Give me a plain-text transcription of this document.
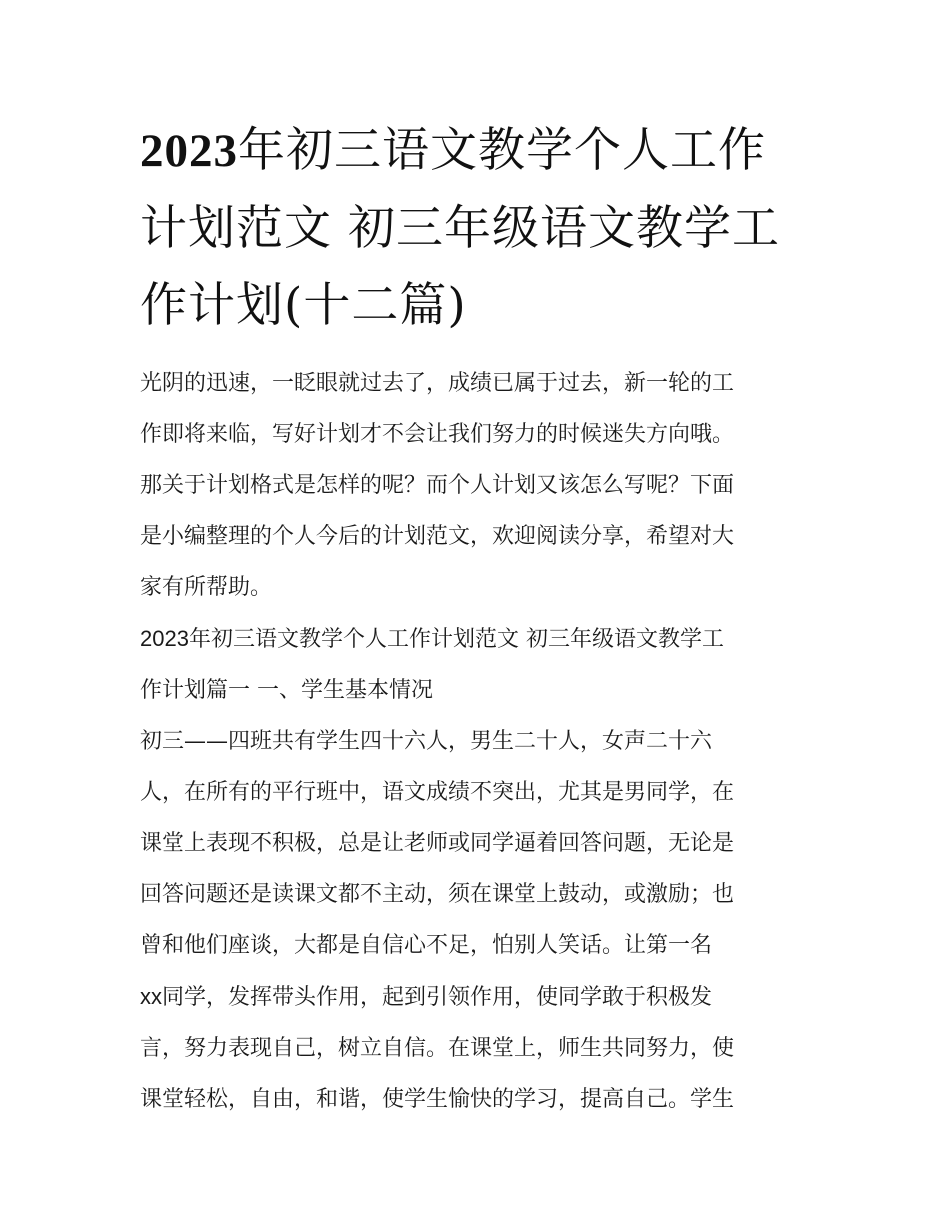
2023年初三语文教学个人工作
计划范文 初三年级语文教学工
作计划(十二篇)

光阴的迅速，一眨眼就过去了，成绩已属于过去，新一轮的工
作即将来临，写好计划才不会让我们努力的时候迷失方向哦。
那关于计划格式是怎样的呢？而个人计划又该怎么写呢？下面
是小编整理的个人今后的计划范文，欢迎阅读分享，希望对大
家有所帮助。

2023年初三语文教学个人工作计划范文 初三年级语文教学工
作计划篇一 一、学生基本情况

初三——四班共有学生四十六人，男生二十人，女声二十六
人，在所有的平行班中，语文成绩不突出，尤其是男同学，在
课堂上表现不积极，总是让老师或同学逼着回答问题，无论是
回答问题还是读课文都不主动，须在课堂上鼓动，或激励；也
曾和他们座谈，大都是自信心不足，怕别人笑话。让第一名
xx同学，发挥带头作用，起到引领作用，使同学敢于积极发
言，努力表现自己，树立自信。在课堂上，师生共同努力，使
课堂轻松，自由，和谐，使学生愉快的学习，提高自己。学生
